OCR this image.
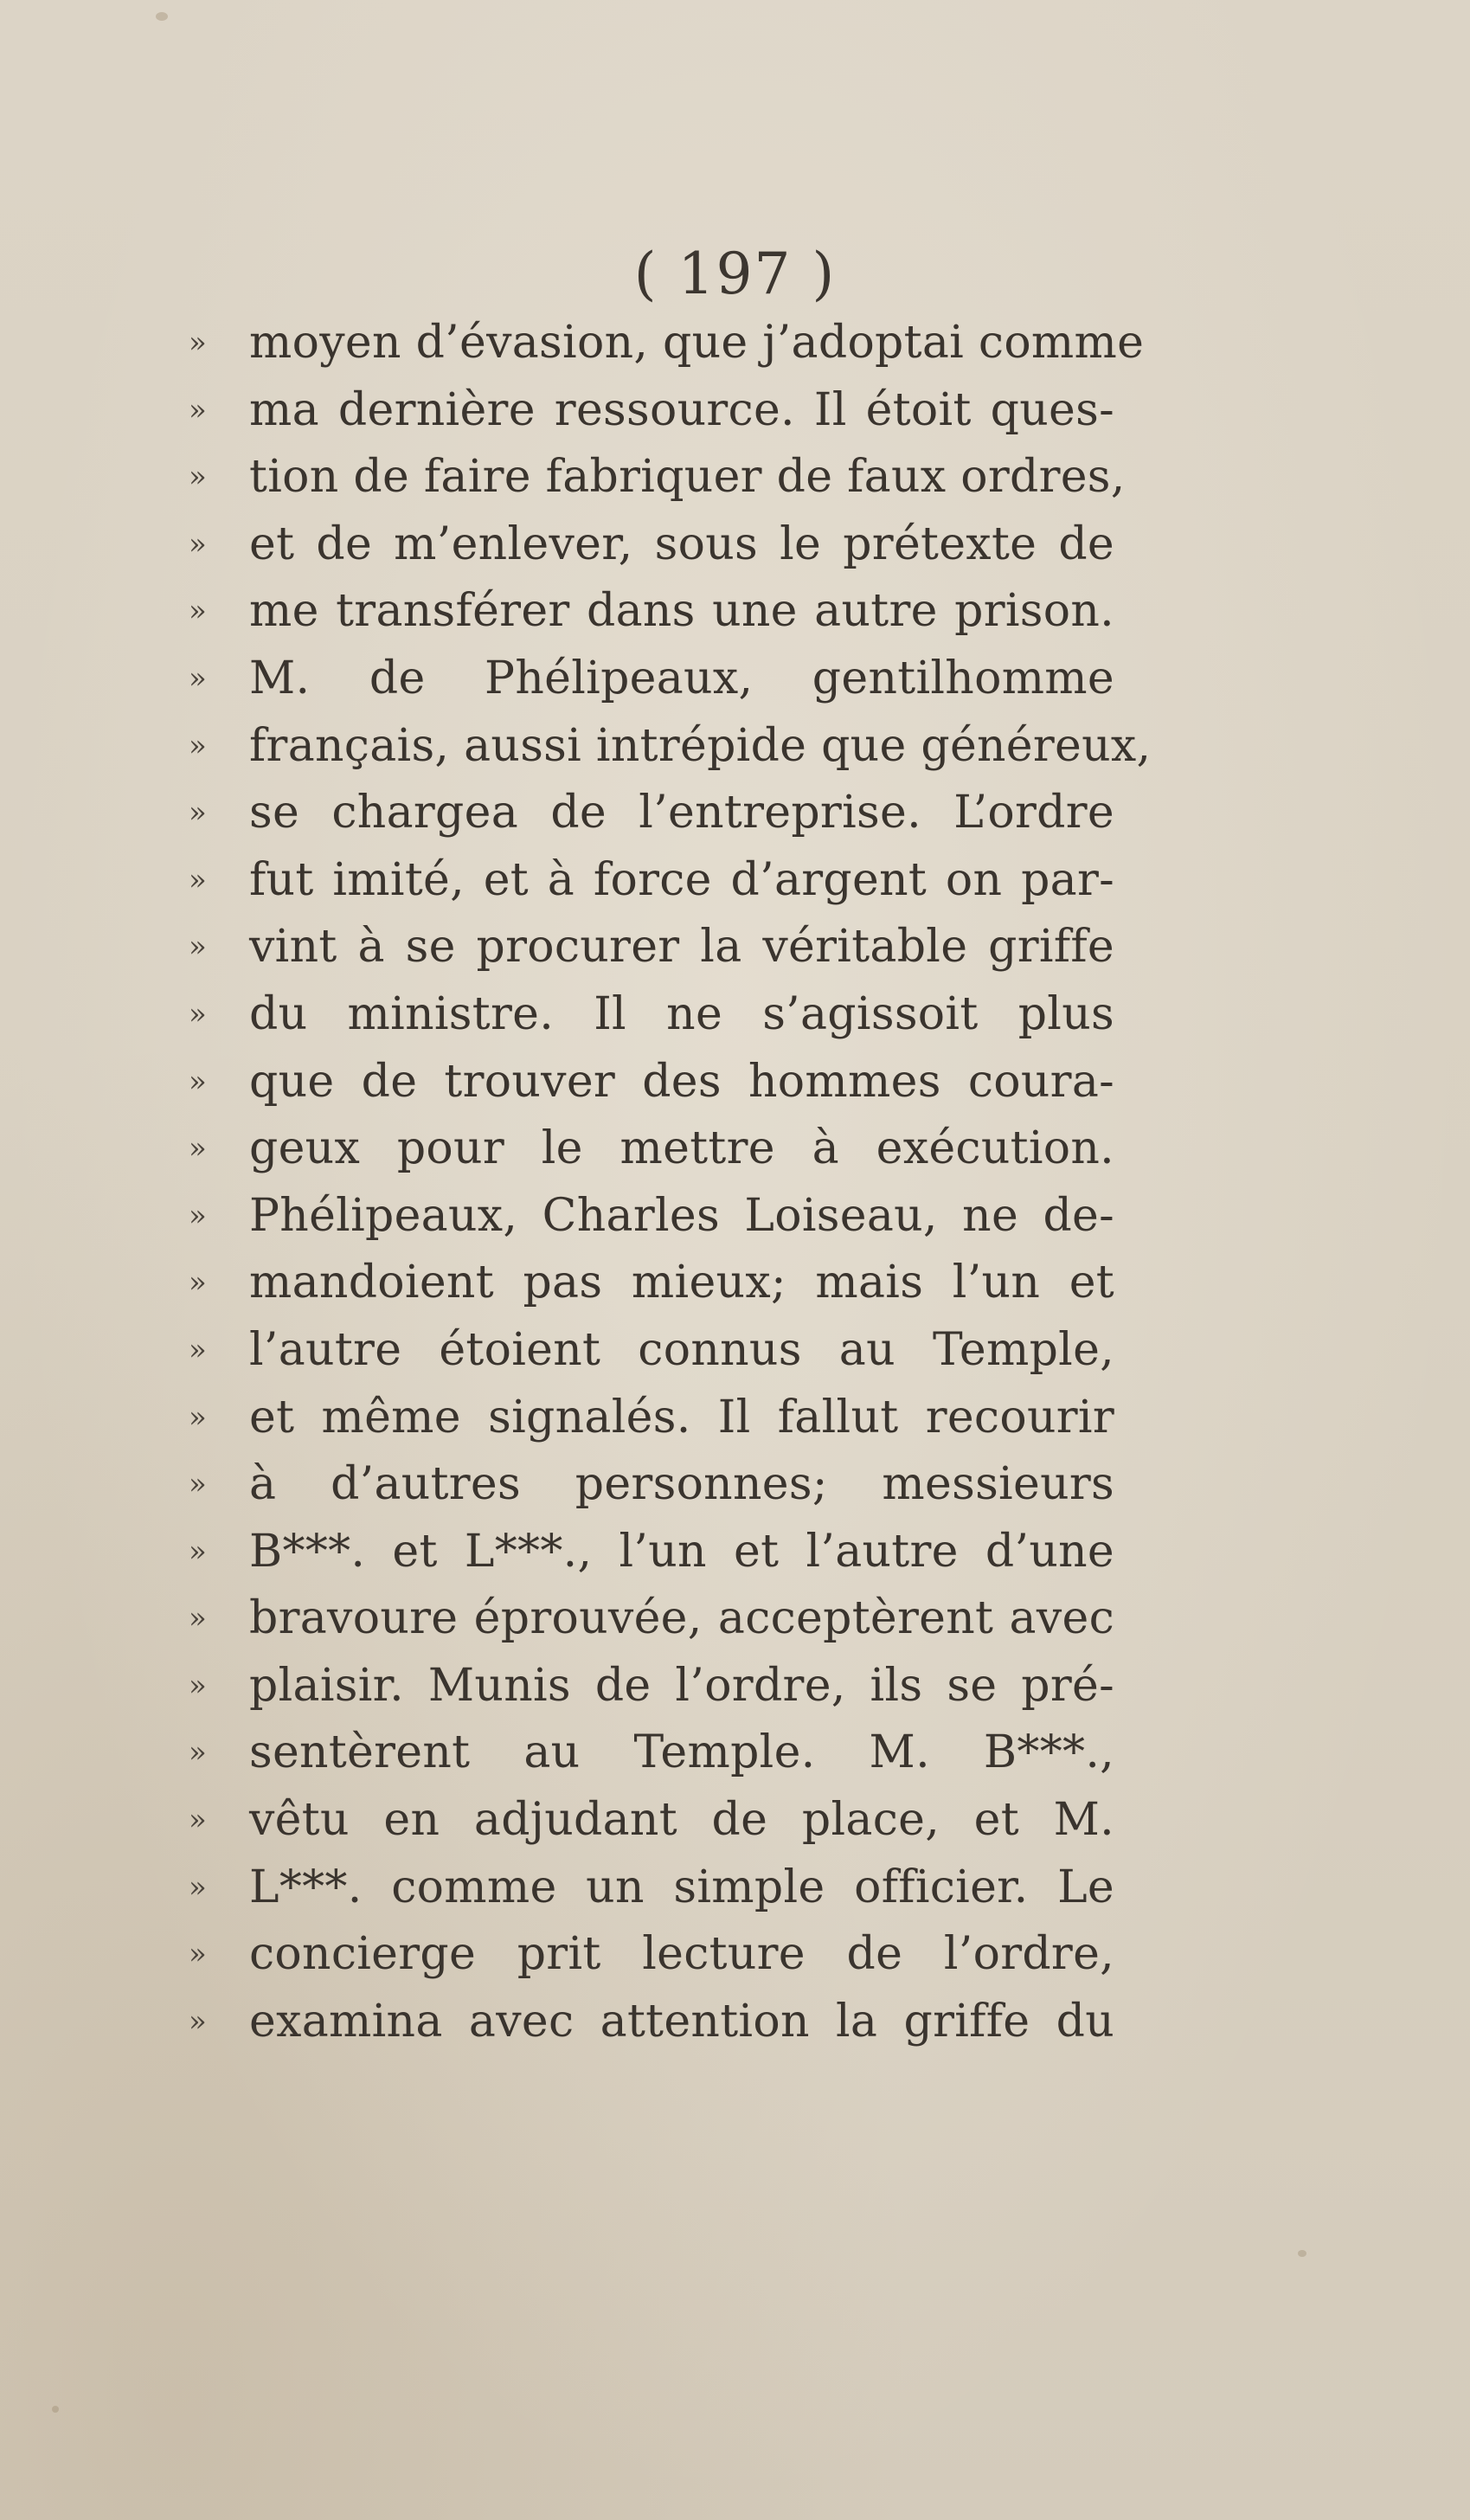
( 197 )
» moyen d’évasion, que j’adoptai comme
» ma dernière ressource. Il étoit ques-
» tion de faire fabriquer de faux ordres,
» et de m’enlever, sous le prétexte de
» me transférer dans une autre prison.
» M. de Phélipeaux, gentilhomme
» français, aussi intrépide que généreux,
» se chargea de l’entreprise. L’ordre
» fut imité, et à force d’argent on par-
» vint à se procurer la véritable griffe
» du ministre. Il ne s’agissoit plus
» que de trouver des hommes coura-
» geux pour le mettre à exécution.
» Phélipeaux, Charles Loiseau, ne de-
» mandoient pas mieux; mais l’un et
» l’autre étoient connus au Temple,
» et même signalés. Il fallut recourir
» à d’autres personnes; messieurs
» B***. et L***., l’un et l’autre d’une
» bravoure éprouvée, acceptèrent avec
» plaisir. Munis de l’ordre, ils se pré-
» sentèrent au Temple. M. B***.,
» vêtu en adjudant de place, et M.
» L***. comme un simple officier. Le
» concierge prit lecture de l’ordre,
» examina avec attention la griffe du
